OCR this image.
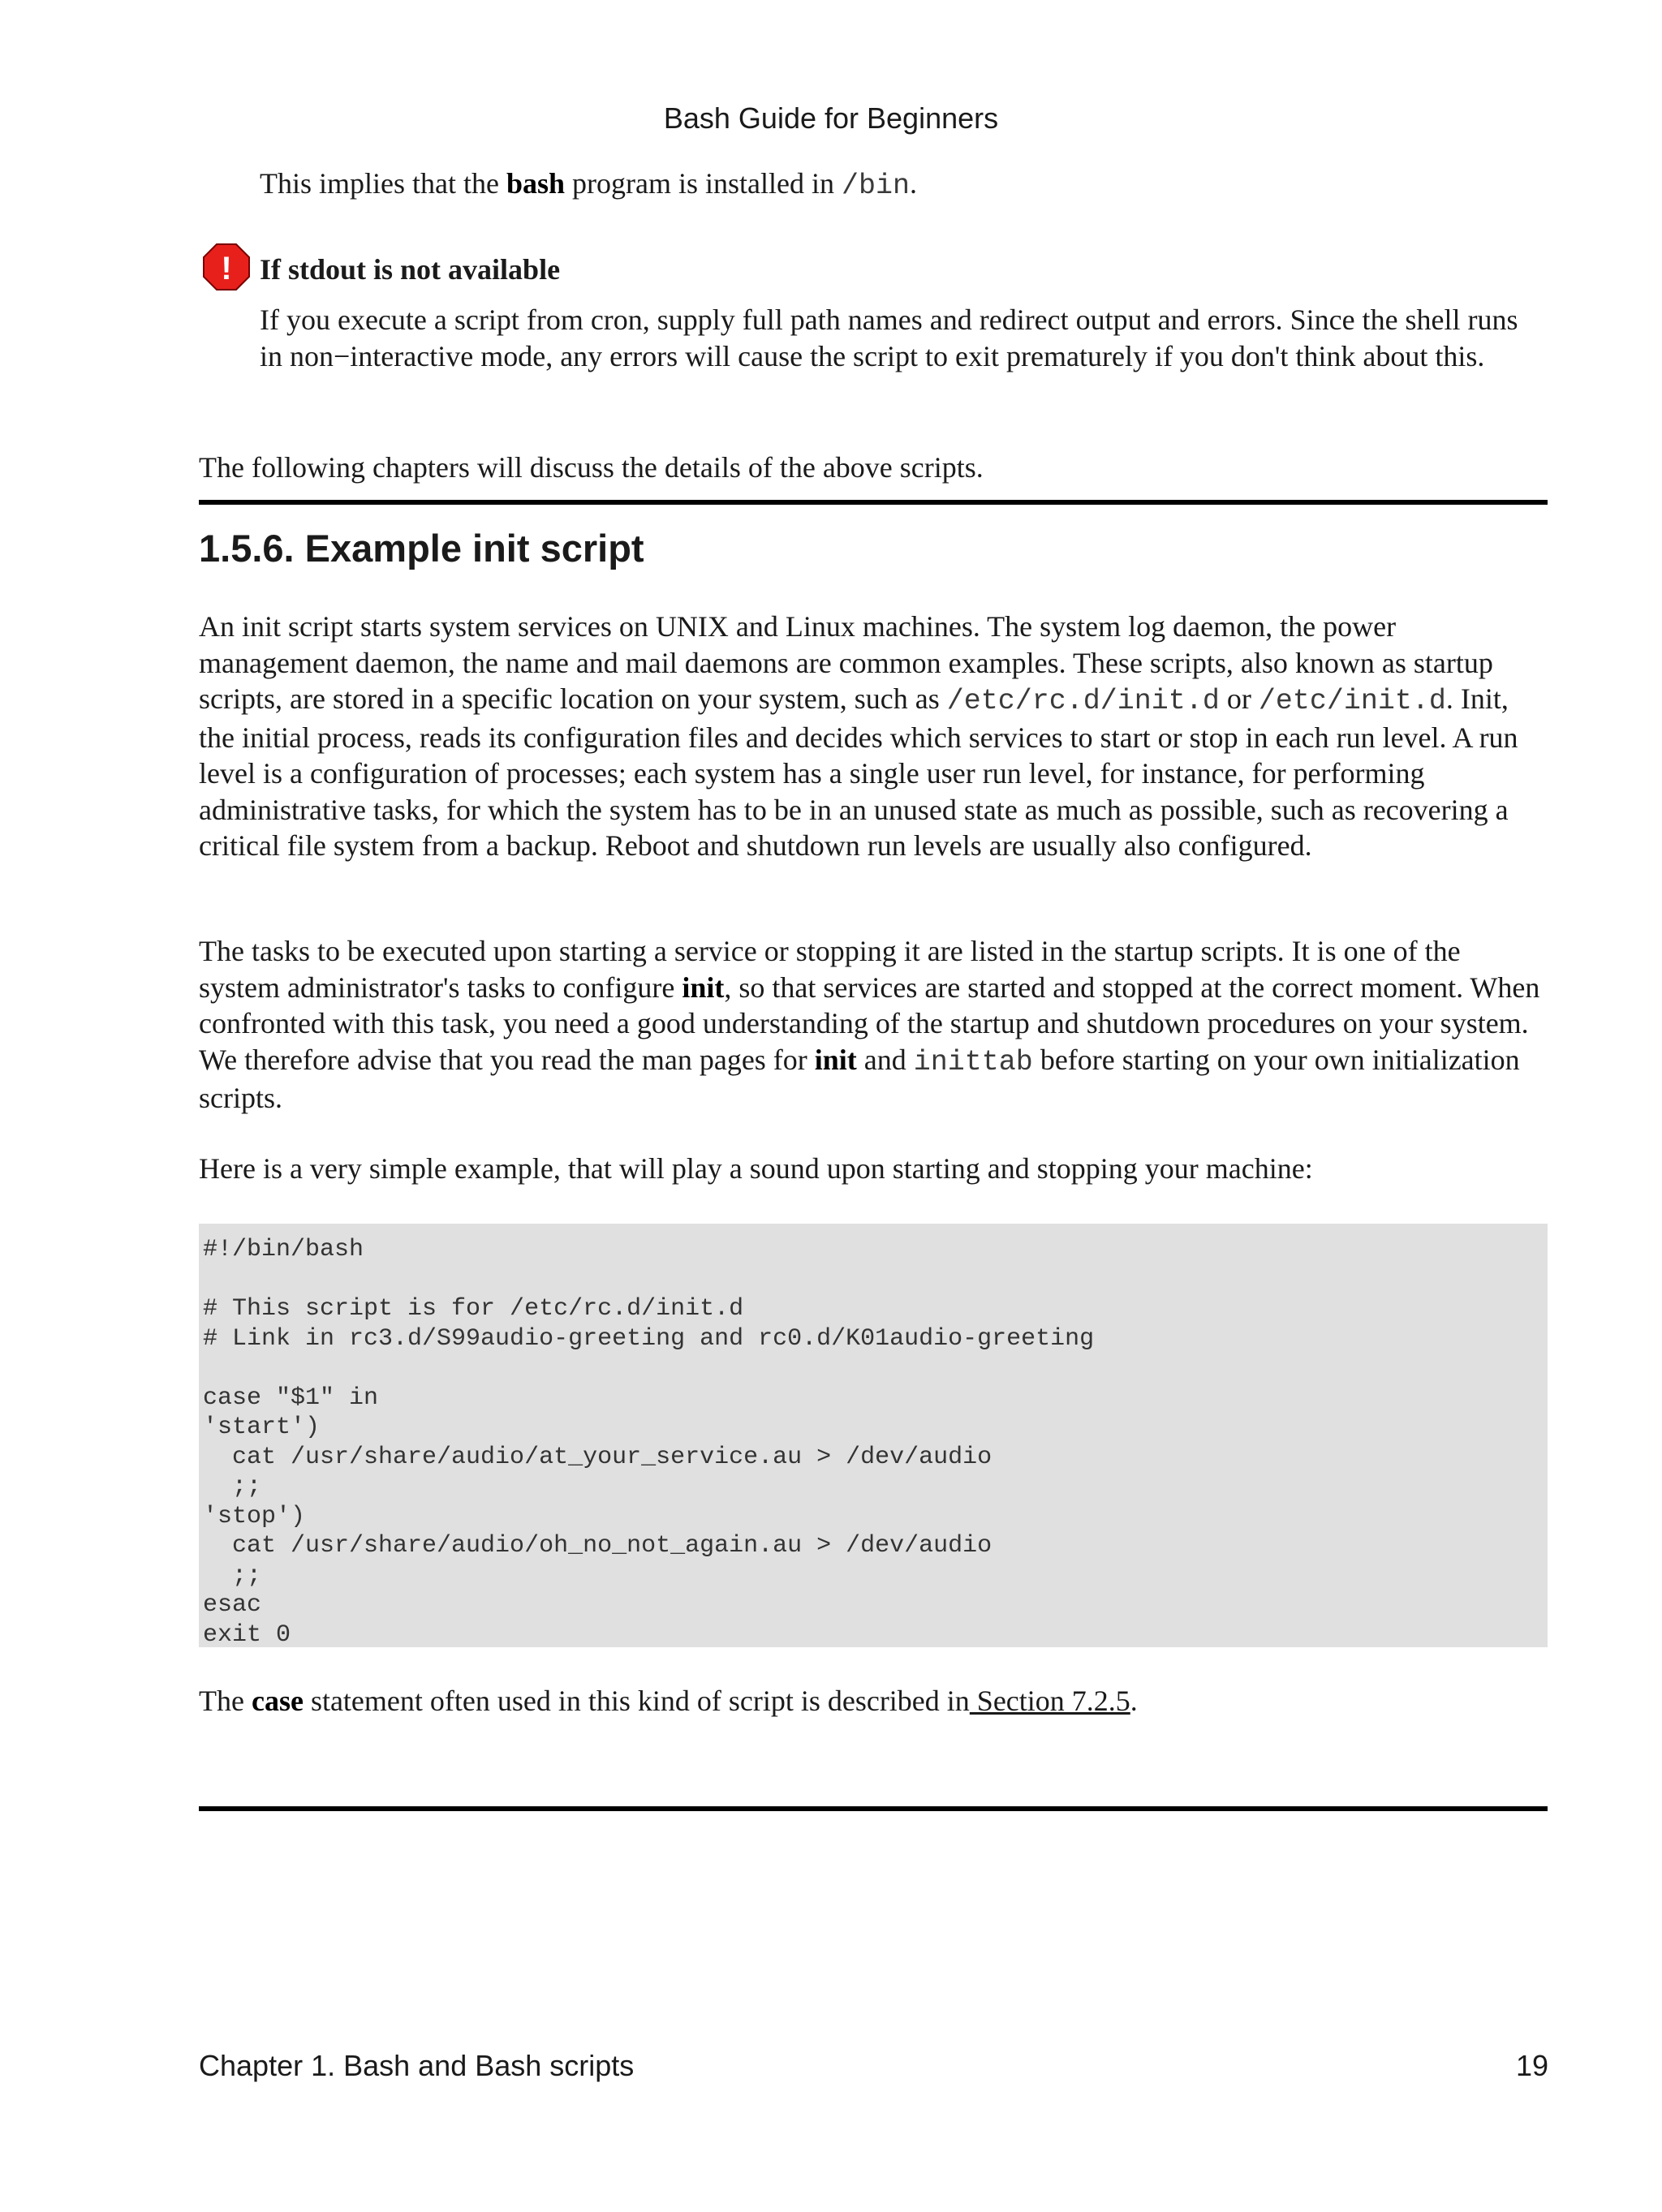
Bash Guide for Beginners
This implies that the bash program is installed in /bin.
! If stdout is not available
If you execute a script from cron, supply full path names and redirect output and errors. Since the shell runs in non−interactive mode, any errors will cause the script to exit prematurely if you don't think about this.
The following chapters will discuss the details of the above scripts.
1.5.6. Example init script
An init script starts system services on UNIX and Linux machines. The system log daemon, the power management daemon, the name and mail daemons are common examples. These scripts, also known as startup scripts, are stored in a specific location on your system, such as /etc/rc.d/init.d or /etc/init.d. Init, the initial process, reads its configuration files and decides which services to start or stop in each run level. A run level is a configuration of processes; each system has a single user run level, for instance, for performing administrative tasks, for which the system has to be in an unused state as much as possible, such as recovering a critical file system from a backup. Reboot and shutdown run levels are usually also configured.
The tasks to be executed upon starting a service or stopping it are listed in the startup scripts. It is one of the system administrator's tasks to configure init, so that services are started and stopped at the correct moment. When confronted with this task, you need a good understanding of the startup and shutdown procedures on your system. We therefore advise that you read the man pages for init and inittab before starting on your own initialization scripts.
Here is a very simple example, that will play a sound upon starting and stopping your machine:
#!/bin/bash
# This script is for /etc/rc.d/init.d
# Link in rc3.d/S99audio-greeting and rc0.d/K01audio-greeting
case "$1" in
'start')
cat /usr/share/audio/at_your_service.au > /dev/audio
;;
'stop')
cat /usr/share/audio/oh_no_not_again.au > /dev/audio
;;
esac
exit 0
The case statement often used in this kind of script is described in Section 7.2.5.
Chapter 1. Bash and Bash scripts	19
